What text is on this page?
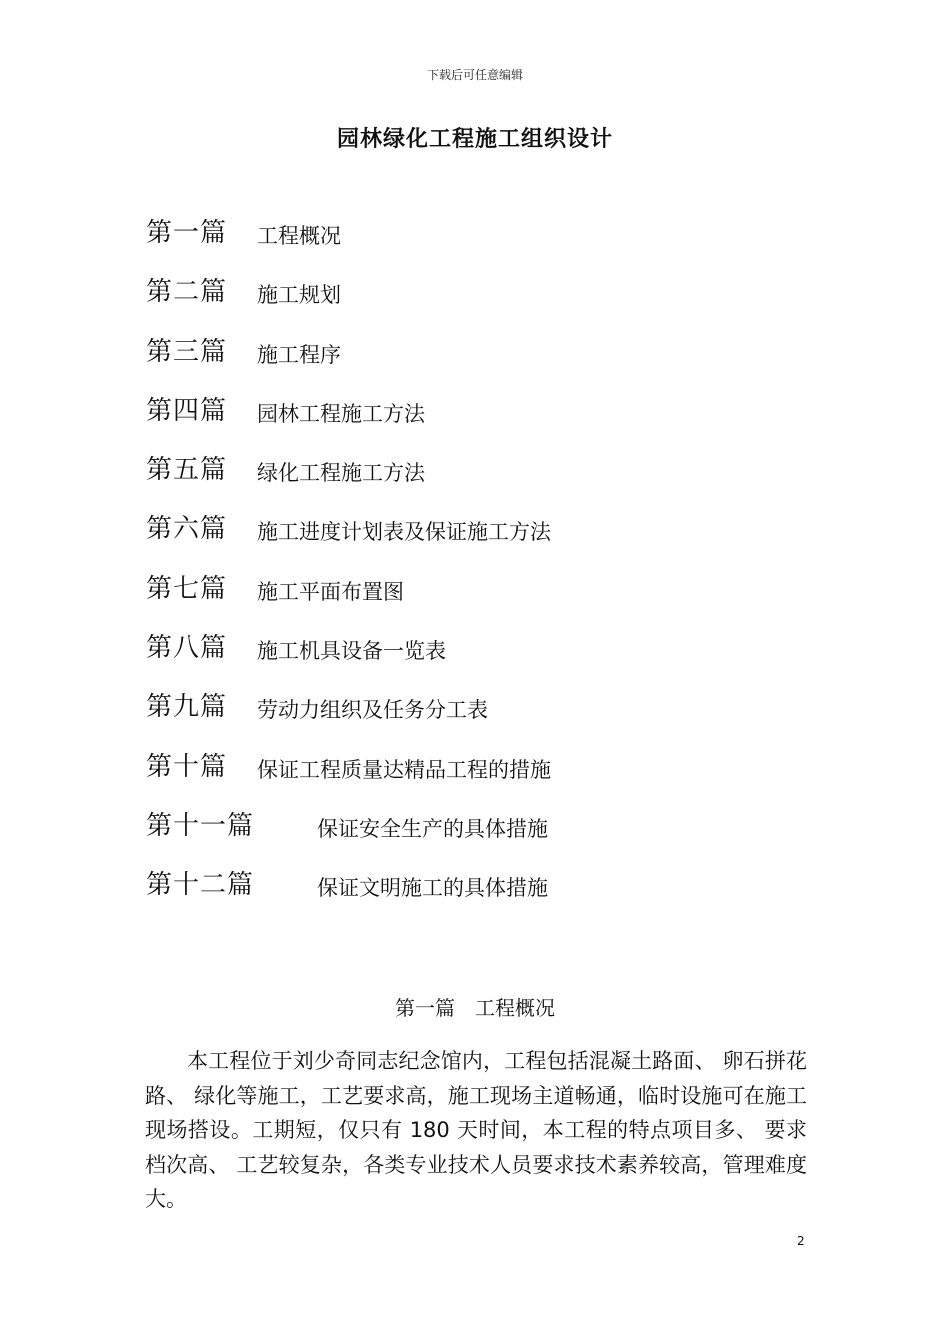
下载后可任意编辑
园林绿化工程施工组织设计
第一篇 工程概况
第二篇 施工规划
第三篇 施工程序
第四篇 园林工程施工方法
第五篇 绿化工程施工方法
第六篇 施工进度计划表及保证施工方法
第七篇 施工平面布置图
第八篇 施工机具设备一览表
第九篇 劳动力组织及任务分工表
第十篇 保证工程质量达精品工程的措施
第十一篇	保证安全生产的具体措施
第十二篇	保证文明施工的具体措施
第一篇　工程概况

本工程位于刘少奇同志纪念馆内，工程包括混凝土路面、 卵石拼花路、 绿化等施工，工艺要求高，施工现场主道畅通，临时设施可在施工现场搭设。工期短，仅只有 180 天时间，本工程的特点项目多、 要求档次高、 工艺较复杂，各类专业技术人员要求技术素养较高，管理难度大。

2
